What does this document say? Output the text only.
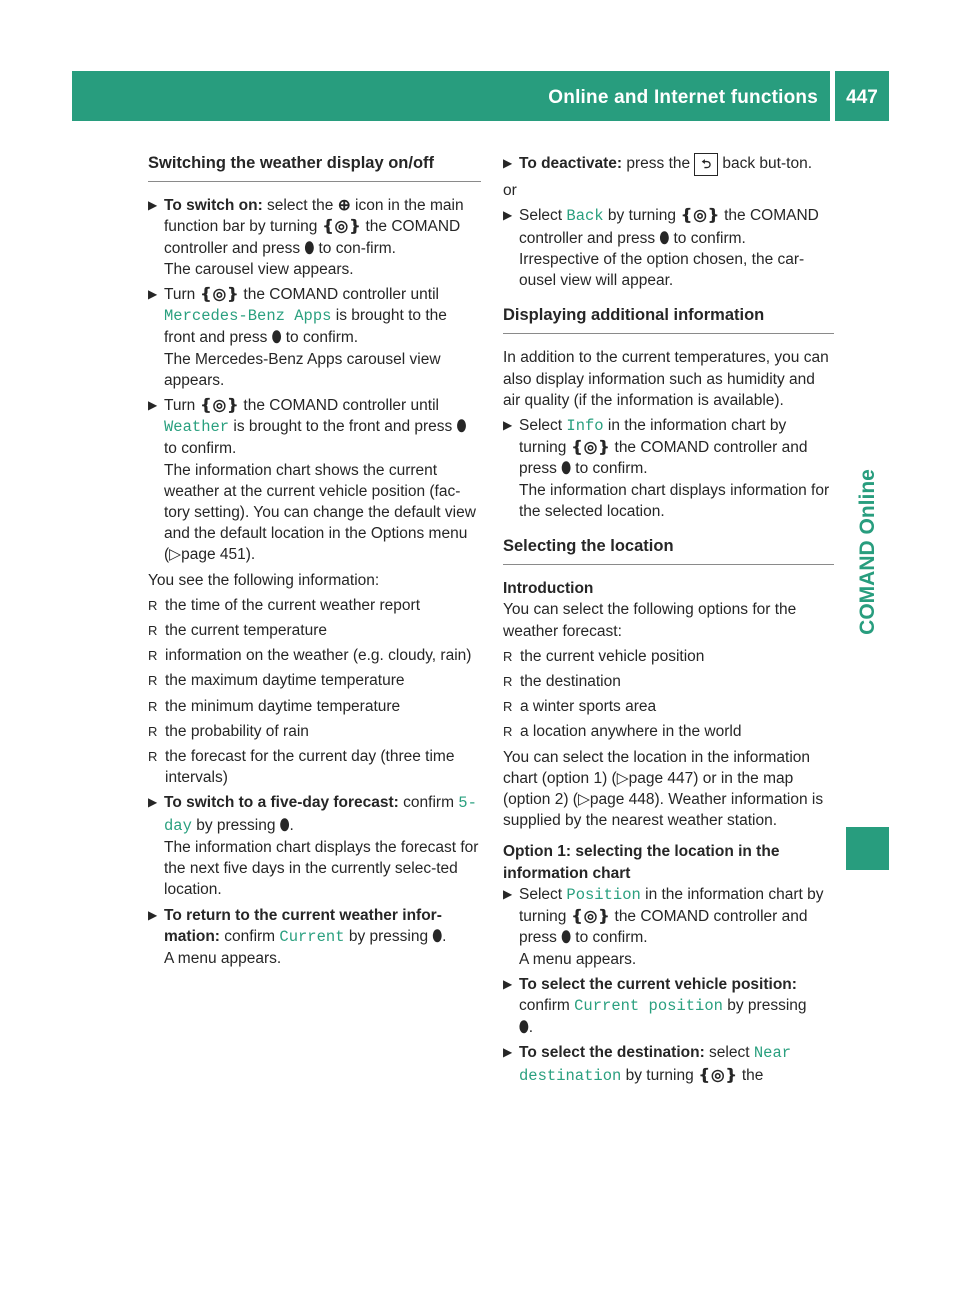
Online and Internet functions	447
COMAND Online
Switching the weather display on/off
▶ To switch on: select the ⊕ icon in the main function bar by turning ❴◎❵ the COMAND controller and press ⬮ to con-firm.
The carousel view appears.
▶ Turn ❴◎❵ the COMAND controller until Mercedes-Benz Apps is brought to the front and press ⬮ to confirm.
The Mercedes-Benz Apps carousel view appears.
▶ Turn ❴◎❵ the COMAND controller until Weather is brought to the front and press ⬮ to confirm.
The information chart shows the current weather at the current vehicle position (fac-tory setting). You can change the default view and the default location in the Options menu (▷page 451).

You see the following information:

R the time of the current weather report
R the current temperature
R information on the weather (e.g. cloudy, rain)
R the maximum daytime temperature
R the minimum daytime temperature
R the probability of rain
R the forecast for the current day (three time intervals)
▶ To switch to a five-day forecast: confirm 5-day by pressing ⬮.
The information chart displays the forecast for the next five days in the currently selec-ted location.
▶ To return to the current weather infor-mation: confirm Current by pressing ⬮.
A menu appears.
▶ To deactivate: press the ⮌ back but-ton.

or

▶ Select Back by turning ❴◎❵ the COMAND controller and press ⬮ to confirm.
Irrespective of the option chosen, the car-ousel view will appear.
Displaying additional information

In addition to the current temperatures, you can also display information such as humidity and air quality (if the information is available).

▶ Select Info in the information chart by turning ❴◎❵ the COMAND controller and press ⬮ to confirm.
The information chart displays information for the selected location.
Selecting the location
Introduction

You can select the following options for the weather forecast:

R the current vehicle position
R the destination
R a winter sports area
R a location anywhere in the world

You can select the location in the information chart (option 1) (▷page 447) or in the map (option 2) (▷page 448). Weather information is supplied by the nearest weather station.

Option 1: selecting the location in the information chart
▶ Select Position in the information chart by turning ❴◎❵ the COMAND controller and press ⬮ to confirm.
A menu appears.
▶ To select the current vehicle position:
confirm Current position by pressing
⬮.
▶ To select the destination: select Near destination by turning ❴◎❵ the
